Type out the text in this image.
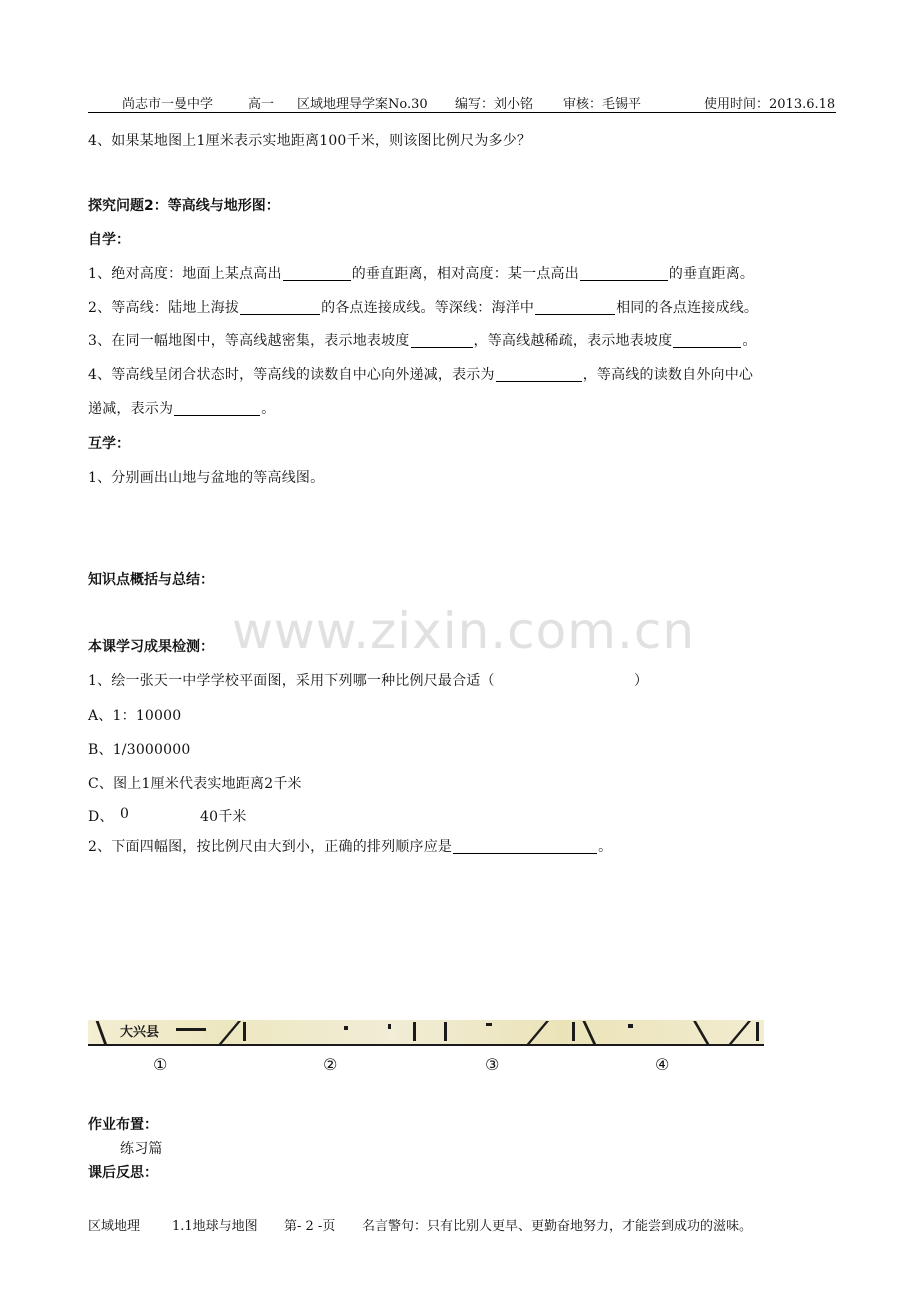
尚志市一曼中学	高一 区域地理导学案No.30 编写：刘小铭 审核：毛锡平	使用时间：2013.6.18
4、如果某地图上1厘米表示实地距离100千米，则该图比例尺为多少？
探究问题2：等高线与地形图：
自学：
1、绝对高度：地面上某点高出	的垂直距离，相对高度：某一点高出	的垂直距离。
2、等高线：陆地上海拔	的各点连接成线。等深线：海洋中	相同的各点连接成线。
3、在同一幅地图中，等高线越密集，表示地表坡度	，等高线越稀疏，表示地表坡度	。
4、等高线呈闭合状态时，等高线的读数自中心向外递减，表示为	，等高线的读数自外向中心
递减，表示为	。
互学：
1、分别画出山地与盆地的等高线图。
知识点概括与总结：
www.zixin.com.cn
本课学习成果检测：
1、绘一张天一中学学校平面图，采用下列哪一种比例尺最合适（	）
A、1：10000
B、1/3000000
C、图上1厘米代表实地距离2千米
D、 0	40千米
2、下面四幅图，按比例尺由大到小，正确的排列顺序应是	。
大兴县
①	②	③	④
作业布置：
练习篇
课后反思：
区域地理 1.1地球与地图 第- 2 -页 名言警句：只有比别人更早、更勤奋地努力，才能尝到成功的滋味。
